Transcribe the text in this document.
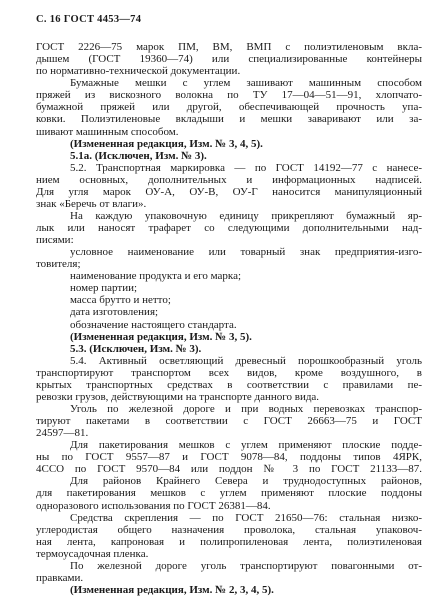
С. 16 ГОСТ 4453—74
ГОСТ 2226—75 марок ПМ, ВМ, ВМП с полиэтиленовым вкла-
дышем (ГОСТ 19360—74) или специализированные контейнеры
по нормативно-технической документации.
Бумажные мешки с углем зашивают машинным способом
пряжей из вискозного волокна по ТУ 17—04—51—91, хлопчато-
бумажной пряжей или другой, обеспечивающей прочность упа-
ковки. Полиэтиленовые вкладыши и мешки заваривают или за-
шивают машинным способом.
(Измененная редакция, Изм. № 3, 4, 5).
5.1а. (Исключен, Изм. № 3).
5.2. Транспортная маркировка — по ГОСТ 14192—77 с нанесе-
нием основных, дополнительных и информационных надписей.
Для угля марок ОУ-А, ОУ-В, ОУ-Г наносится манипуляционный
знак «Беречь от влаги».
На каждую упаковочную единицу прикрепляют бумажный яр-
лык или наносят трафарет со следующими дополнительными над-
писями:
условное наименование или товарный знак предприятия-изго-
товителя;
наименование продукта и его марка;
номер партии;
масса брутто и нетто;
дата изготовления;
обозначение настоящего стандарта.
(Измененная редакция, Изм. № 3, 5).
5.3. (Исключен, Изм. № 3).
5.4. Активный осветляющий древесный порошкообразный уголь
транспортируют транспортом всех видов, кроме воздушного, в
крытых транспортных средствах в соответствии с правилами пе-
ревозки грузов, действующими на транспорте данного вида.
Уголь по железной дороге и при водных перевозках транспор-
тируют пакетами в соответствии с ГОСТ 26663—75 и ГОСТ
24597—81.
Для пакетирования мешков с углем применяют плоские подде-
ны по ГОСТ 9557—87 и ГОСТ 9078—84, поддоны типов 4ЯРК,
4ССО по ГОСТ 9570—84 или поддон № 3 по ГОСТ 21133—87.
Для районов Крайнего Севера и труднодоступных районов,
для пакетирования мешков с углем применяют плоские поддоны
одноразового использования по ГОСТ 26381—84.
Средства скрепления — по ГОСТ 21650—76: стальная низко-
углеродистая общего назначения проволока, стальная упаковоч-
ная лента, капроновая и полипропиленовая лента, полиэтиленовая
термоусадочная пленка.
По железной дороге уголь транспортируют повагонными от-
правками.
(Измененная редакция, Изм. № 2, 3, 4, 5).
